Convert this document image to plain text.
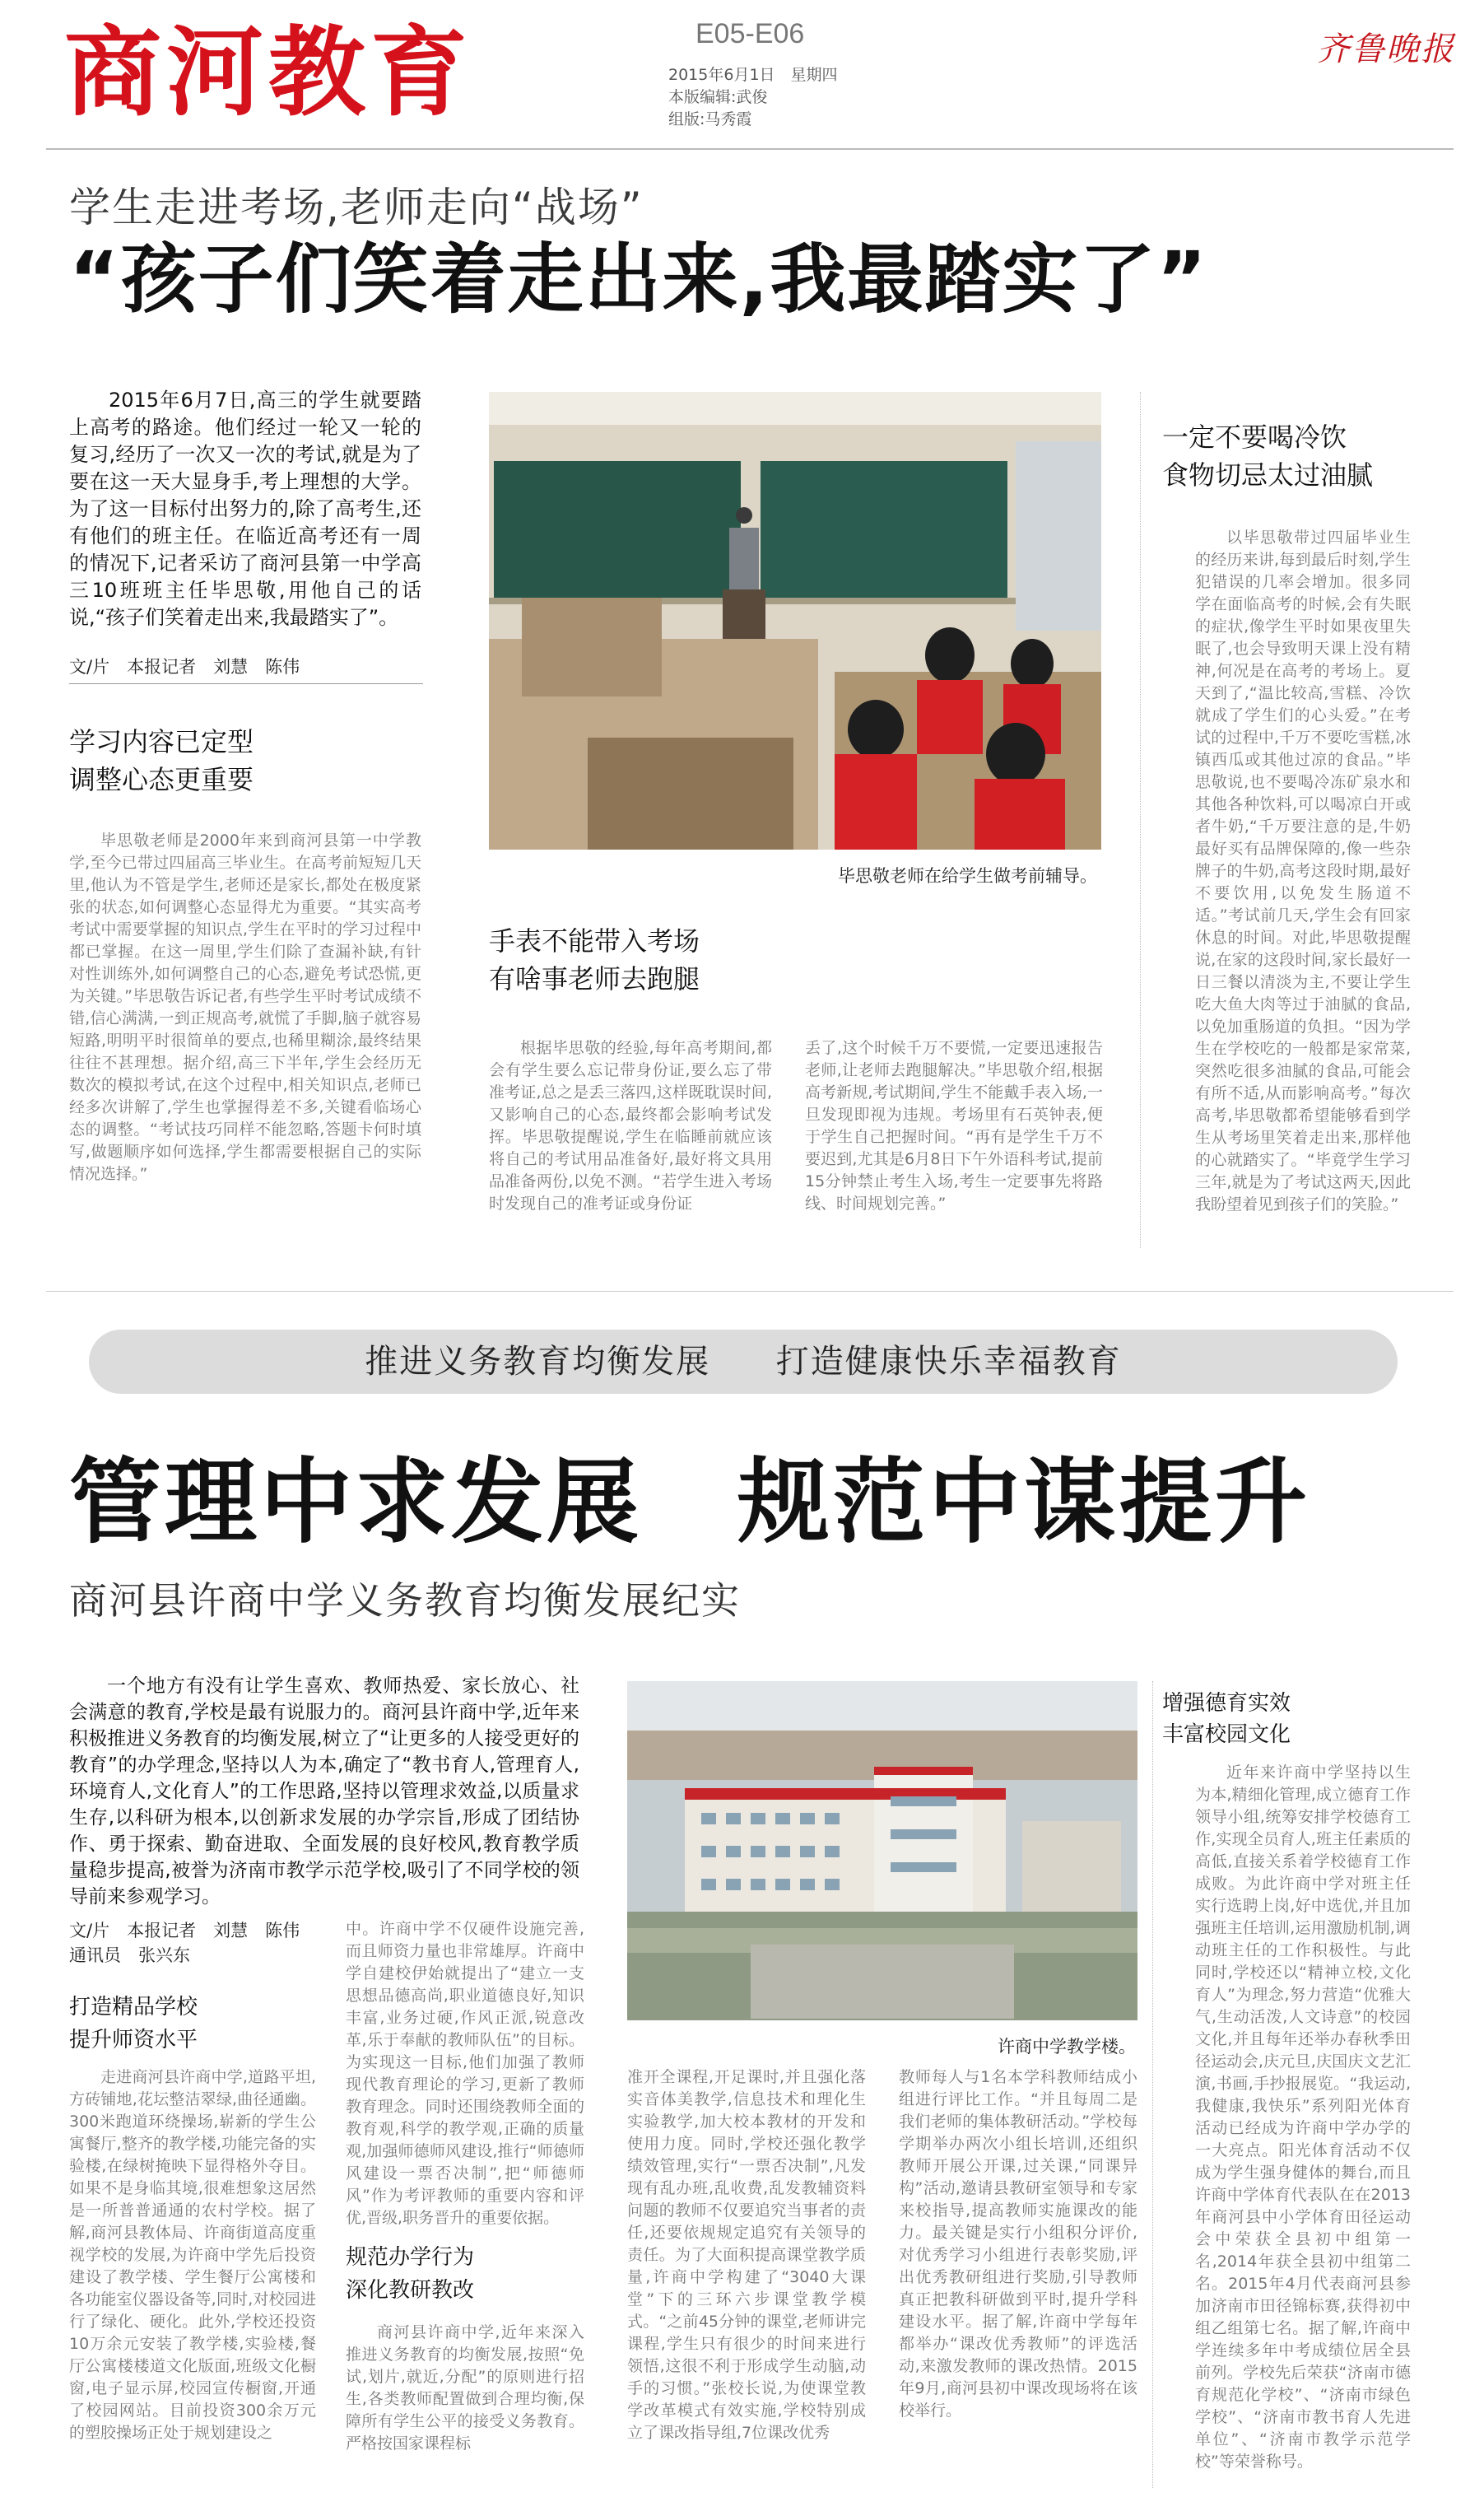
商河教育	E05-E06
2015年6月1日　星期四
本版编辑:武俊
组版:马秀霞
齐鲁晚报
学生走进考场,老师走向“战场”
“孩子们笑着走出来,我最踏实了”
2015年6月7日,高三的学生就要踏上高考的路途。他们经过一轮又一轮的复习,经历了一次又一次的考试,就是为了要在这一天大显身手,考上理想的大学。为了这一目标付出努力的,除了高考生,还有他们的班主任。在临近高考还有一周的情况下,记者采访了商河县第一中学高三10班班主任毕思敬,用他自己的话说,“孩子们笑着走出来,我最踏实了”。
文/片　本报记者　刘慧　陈伟
学习内容已定型
调整心态更重要
毕思敬老师是2000年来到商河县第一中学教学,至今已带过四届高三毕业生。在高考前短短几天里,他认为不管是学生,老师还是家长,都处在极度紧张的状态,如何调整心态显得尤为重要。“其实高考考试中需要掌握的知识点,学生在平时的学习过程中都已掌握。在这一周里,学生们除了查漏补缺,有针对性训练外,如何调整自己的心态,避免考试恐慌,更为关键。”毕思敬告诉记者,有些学生平时考试成绩不错,信心满满,一到正规高考,就慌了手脚,脑子就容易短路,明明平时很简单的要点,也稀里糊涂,最终结果往往不甚理想。据介绍,高三下半年,学生会经历无数次的模拟考试,在这个过程中,相关知识点,老师已经多次讲解了,学生也掌握得差不多,关键看临场心态的调整。“考试技巧同样不能忽略,答题卡何时填写,做题顺序如何选择,学生都需要根据自己的实际情况选择。”
毕思敬老师在给学生做考前辅导。
手表不能带入考场
有啥事老师去跑腿
根据毕思敬的经验,每年高考期间,都会有学生要么忘记带身份证,要么忘了带准考证,总之是丢三落四,这样既耽误时间,又影响自己的心态,最终都会影响考试发挥。毕思敬提醒说,学生在临睡前就应该将自己的考试用品准备好,最好将文具用品准备两份,以免不测。“若学生进入考场时发现自己的准考证或身份证
丢了,这个时候千万不要慌,一定要迅速报告老师,让老师去跑腿解决。”毕思敬介绍,根据高考新规,考试期间,学生不能戴手表入场,一旦发现即视为违规。考场里有石英钟表,便于学生自己把握时间。“再有是学生千万不要迟到,尤其是6月8日下午外语科考试,提前15分钟禁止考生入场,考生一定要事先将路线、时间规划完善。”
一定不要喝冷饮
食物切忌太过油腻
以毕思敬带过四届毕业生的经历来讲,每到最后时刻,学生犯错误的几率会增加。很多同学在面临高考的时候,会有失眠的症状,像学生平时如果夜里失眠了,也会导致明天课上没有精神,何况是在高考的考场上。夏天到了,“温比较高,雪糕、冷饮就成了学生们的心头爱。”在考试的过程中,千万不要吃雪糕,冰镇西瓜或其他过凉的食品。”毕思敬说,也不要喝冷冻矿泉水和其他各种饮料,可以喝凉白开或者牛奶,“千万要注意的是,牛奶最好买有品牌保障的,像一些杂牌子的牛奶,高考这段时期,最好不要饮用,以免发生肠道不适。”考试前几天,学生会有回家休息的时间。对此,毕思敬提醒说,在家的这段时间,家长最好一日三餐以清淡为主,不要让学生吃大鱼大肉等过于油腻的食品,以免加重肠道的负担。“因为学生在学校吃的一般都是家常菜,突然吃很多油腻的食品,可能会有所不适,从而影响高考。”每次高考,毕思敬都希望能够看到学生从考场里笑着走出来,那样他的心就踏实了。“毕竟学生学习三年,就是为了考试这两天,因此我盼望着见到孩子们的笑脸。”
推进义务教育均衡发展 打造健康快乐幸福教育
管理中求发展　规范中谋提升
商河县许商中学义务教育均衡发展纪实
一个地方有没有让学生喜欢、教师热爱、家长放心、社会满意的教育,学校是最有说服力的。商河县许商中学,近年来积极推进义务教育的均衡发展,树立了“让更多的人接受更好的教育”的办学理念,坚持以人为本,确定了“教书育人,管理育人,环境育人,文化育人”的工作思路,坚持以管理求效益,以质量求生存,以科研为根本,以创新求发展的办学宗旨,形成了团结协作、勇于探索、勤奋进取、全面发展的良好校风,教育教学质量稳步提高,被誉为济南市教学示范学校,吸引了不同学校的领导前来参观学习。
文/片　本报记者　刘慧　陈伟
通讯员　张兴东
打造精品学校
提升师资水平
走进商河县许商中学,道路平坦,方砖铺地,花坛整洁翠绿,曲径通幽。300米跑道环绕操场,崭新的学生公寓餐厅,整齐的教学楼,功能完备的实验楼,在绿树掩映下显得格外夺目。如果不是身临其境,很难想象这居然是一所普普通通的农村学校。据了解,商河县教体局、许商街道高度重视学校的发展,为许商中学先后投资建设了教学楼、学生餐厅公寓楼和各功能室仪器设备等,同时,对校园进行了绿化、硬化。此外,学校还投资10万余元安装了教学楼,实验楼,餐厅公寓楼楼道文化版面,班级文化橱窗,电子显示屏,校园宣传橱窗,开通了校园网站。目前投资300余万元的塑胶操场正处于规划建设之
中。许商中学不仅硬件设施完善,而且师资力量也非常雄厚。许商中学自建校伊始就提出了“建立一支思想品德高尚,职业道德良好,知识丰富,业务过硬,作风正派,锐意改革,乐于奉献的教师队伍”的目标。为实现这一目标,他们加强了教师现代教育理论的学习,更新了教师教育理念。同时还围绕教师全面的教育观,科学的教学观,正确的质量观,加强师德师风建设,推行“师德师风建设一票否决制”,把“师德师风”作为考评教师的重要内容和评优,晋级,职务晋升的重要依据。
规范办学行为
深化教研教改
商河县许商中学,近年来深入推进义务教育的均衡发展,按照“免试,划片,就近,分配”的原则进行招生,各类教师配置做到合理均衡,保障所有学生公平的接受义务教育。严格按国家课程标
许商中学教学楼。
准开全课程,开足课时,并且强化落实音体美教学,信息技术和理化生实验教学,加大校本教材的开发和使用力度。同时,学校还强化教学绩效管理,实行“一票否决制”,凡发现有乱办班,乱收费,乱发教辅资料问题的教师不仅要追究当事者的责任,还要依规规定追究有关领导的责任。为了大面积提高课堂教学质量,许商中学构建了“3040大课堂”下的三环六步课堂教学模式。“之前45分钟的课堂,老师讲完课程,学生只有很少的时间来进行领悟,这很不利于形成学生动脑,动手的习惯。”张校长说,为使课堂教学改革模式有效实施,学校特别成立了课改指导组,7位课改优秀
教师每人与1名本学科教师结成小组进行评比工作。“并且每周二是我们老师的集体教研活动。”学校每学期举办两次小组长培训,还组织教师开展公开课,过关课,“同课异构”活动,邀请县教研室领导和专家来校指导,提高教师实施课改的能力。最关键是实行小组积分评价,对优秀学习小组进行表彰奖励,评出优秀教研组进行奖励,引导教师真正把教科研做到平时,提升学科建设水平。据了解,许商中学每年都举办“课改优秀教师”的评选活动,来激发教师的课改热情。2015年9月,商河县初中课改现场将在该校举行。
增强德育实效
丰富校园文化
近年来许商中学坚持以生为本,精细化管理,成立德育工作领导小组,统筹安排学校德育工作,实现全员育人,班主任素质的高低,直接关系着学校德育工作成败。为此许商中学对班主任实行选聘上岗,好中选优,并且加强班主任培训,运用激励机制,调动班主任的工作积极性。与此同时,学校还以“精神立校,文化育人”为理念,努力营造“优雅大气,生动活泼,人文诗意”的校园文化,并且每年还举办春秋季田径运动会,庆元旦,庆国庆文艺汇演,书画,手抄报展览。“我运动,我健康,我快乐”系列阳光体育活动已经成为许商中学办学的一大亮点。阳光体育活动不仅成为学生强身健体的舞台,而且许商中学体育代表队在在2013年商河县中小学体育田径运动会中荣获全县初中组第一名,2014年获全县初中组第二名。2015年4月代表商河县参加济南市田径锦标赛,获得初中组乙组第七名。据了解,许商中学连续多年中考成绩位居全县前列。学校先后荣获“济南市德育规范化学校”、“济南市绿色学校”、“济南市教书育人先进单位”、“济南市教学示范学校”等荣誉称号。
